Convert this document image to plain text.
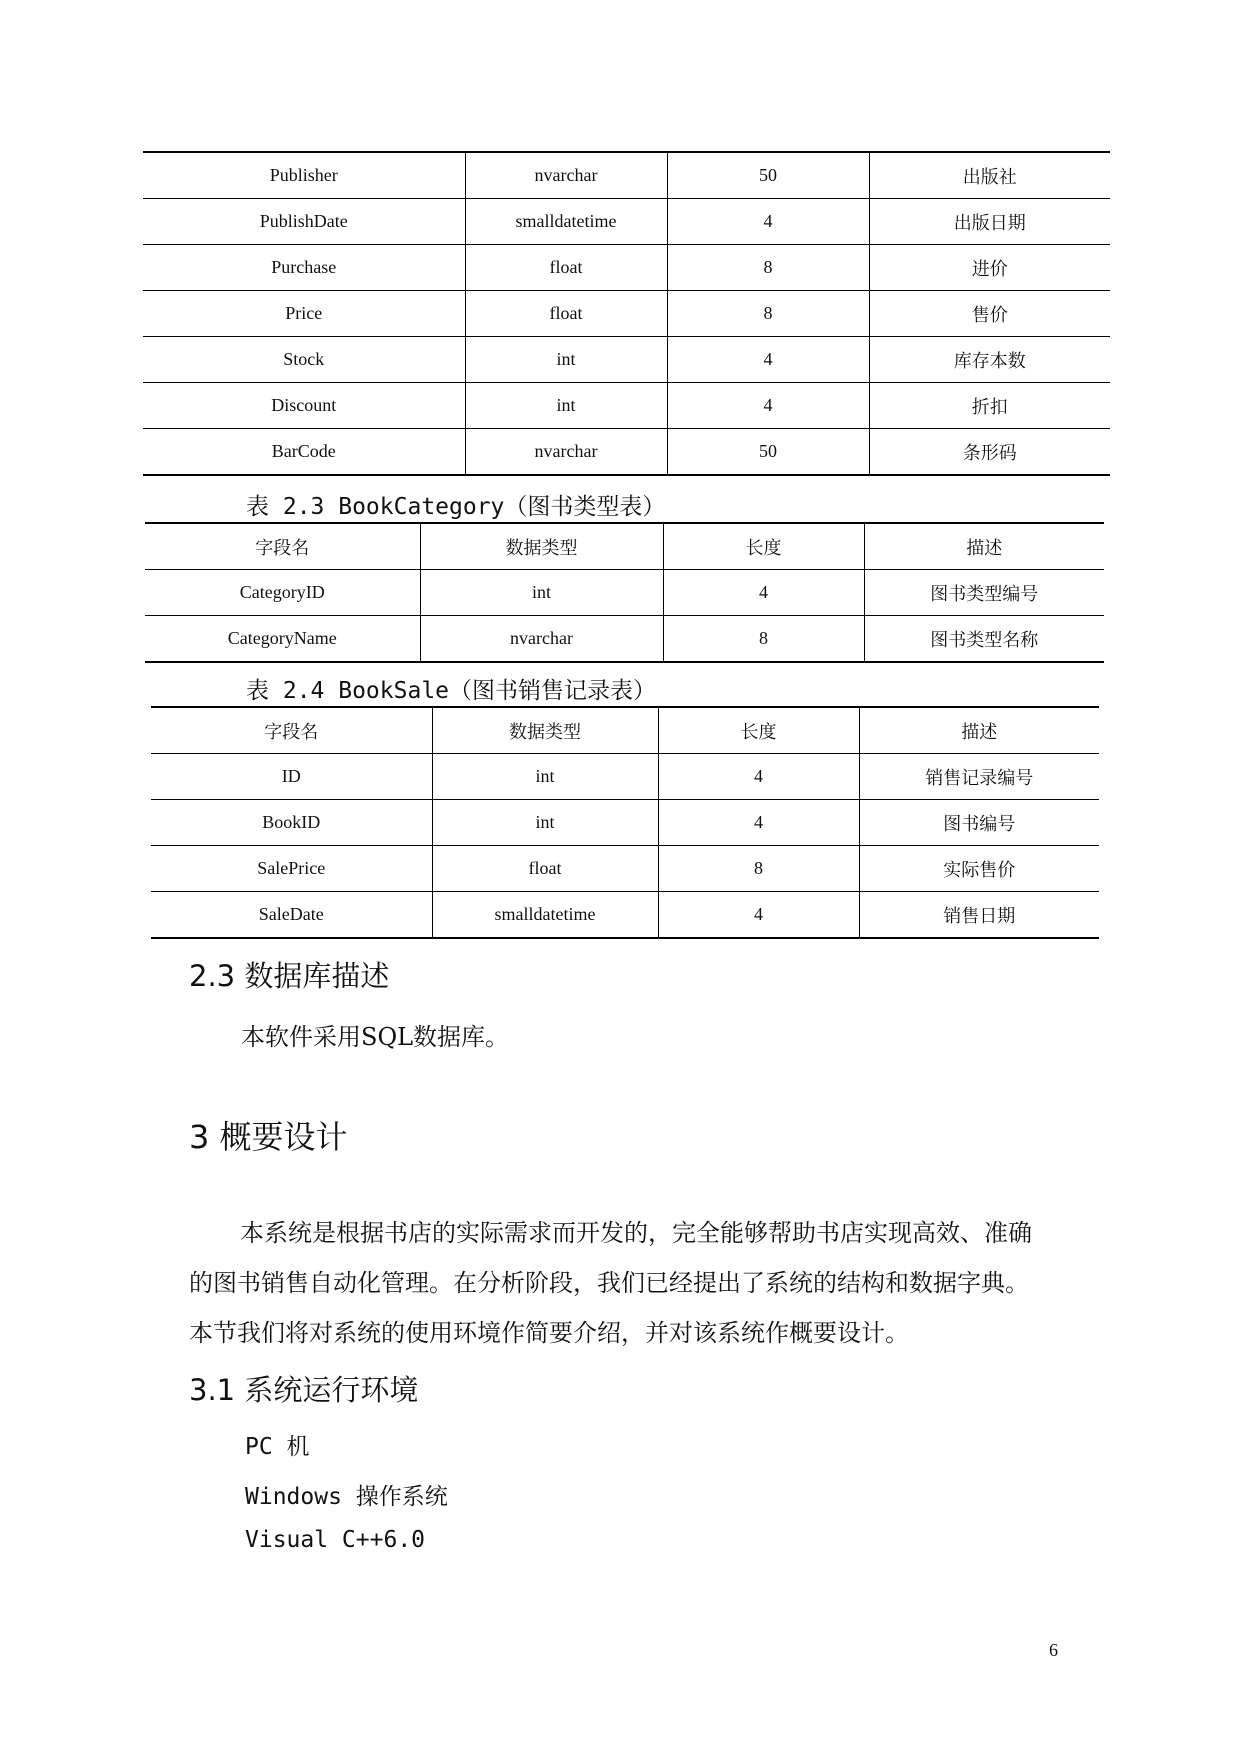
Publisher	nvarchar	50	出版社
PublishDate	smalldatetime	4	出版日期
Purchase	float	8	进价
Price	float	8	售价
Stock	int	4	库存本数
Discount	int	4	折扣
BarCode	nvarchar	50	条形码
表 2.3 BookCategory（图书类型表）
字段名	数据类型	长度	描述
CategoryID	int	4	图书类型编号
CategoryName	nvarchar	8	图书类型名称
表 2.4 BookSale（图书销售记录表）
字段名	数据类型	长度	描述
ID	int	4	销售记录编号
BookID	int	4	图书编号
SalePrice	float	8	实际售价
SaleDate	smalldatetime	4	销售日期
2.3 数据库描述
本软件采用SQL数据库。
3 概要设计
本系统是根据书店的实际需求而开发的，完全能够帮助书店实现高效、准确
的图书销售自动化管理。在分析阶段，我们已经提出了系统的结构和数据字典。
本节我们将对系统的使用环境作简要介绍，并对该系统作概要设计。
3.1 系统运行环境
PC 机
Windows 操作系统
Visual C++6.0
6
